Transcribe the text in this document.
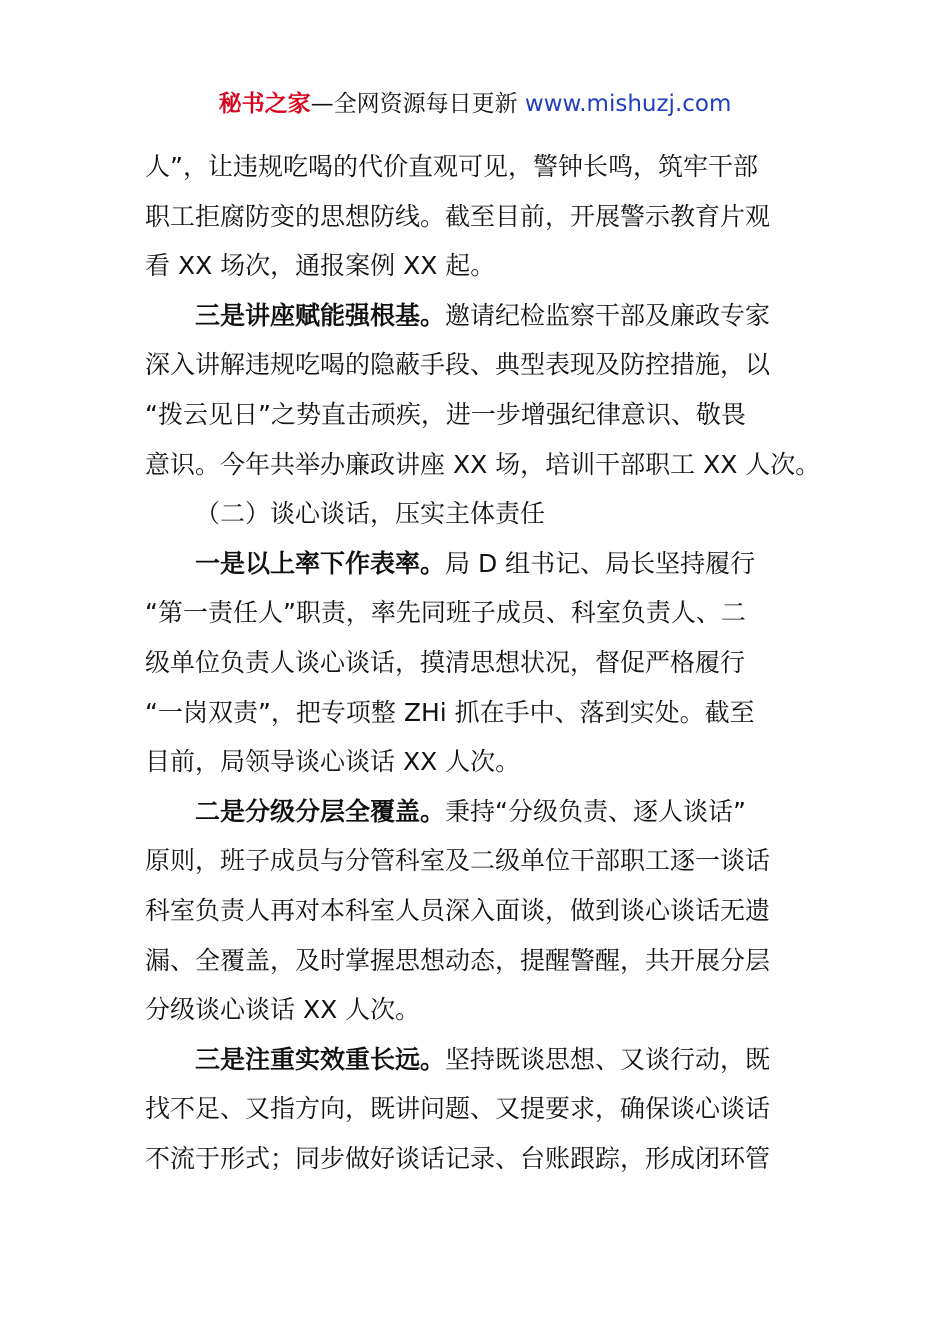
秘书之家—全网资源每日更新 www.mishuzj.com
人”，让违规吃喝的代价直观可见，警钟长鸣，筑牢干部
职工拒腐防变的思想防线。截至目前，开展警示教育片观
看 XX 场次，通报案例 XX 起。
三是讲座赋能强根基。邀请纪检监察干部及廉政专家
深入讲解违规吃喝的隐蔽手段、典型表现及防控措施，以
“拨云见日”之势直击顽疾，进一步增强纪律意识、敬畏
意识。今年共举办廉政讲座 XX 场，培训干部职工 XX 人次。
（二）谈心谈话，压实主体责任
一是以上率下作表率。局 D 组书记、局长坚持履行
“第一责任人”职责，率先同班子成员、科室负责人、二
级单位负责人谈心谈话，摸清思想状况，督促严格履行
“一岗双责”，把专项整 ZHi 抓在手中、落到实处。截至
目前，局领导谈心谈话 XX 人次。
二是分级分层全覆盖。秉持“分级负责、逐人谈话”
原则，班子成员与分管科室及二级单位干部职工逐一谈话
科室负责人再对本科室人员深入面谈，做到谈心谈话无遗
漏、全覆盖，及时掌握思想动态，提醒警醒，共开展分层
分级谈心谈话 XX 人次。
三是注重实效重长远。坚持既谈思想、又谈行动，既
找不足、又指方向，既讲问题、又提要求，确保谈心谈话
不流于形式；同步做好谈话记录、台账跟踪，形成闭环管
